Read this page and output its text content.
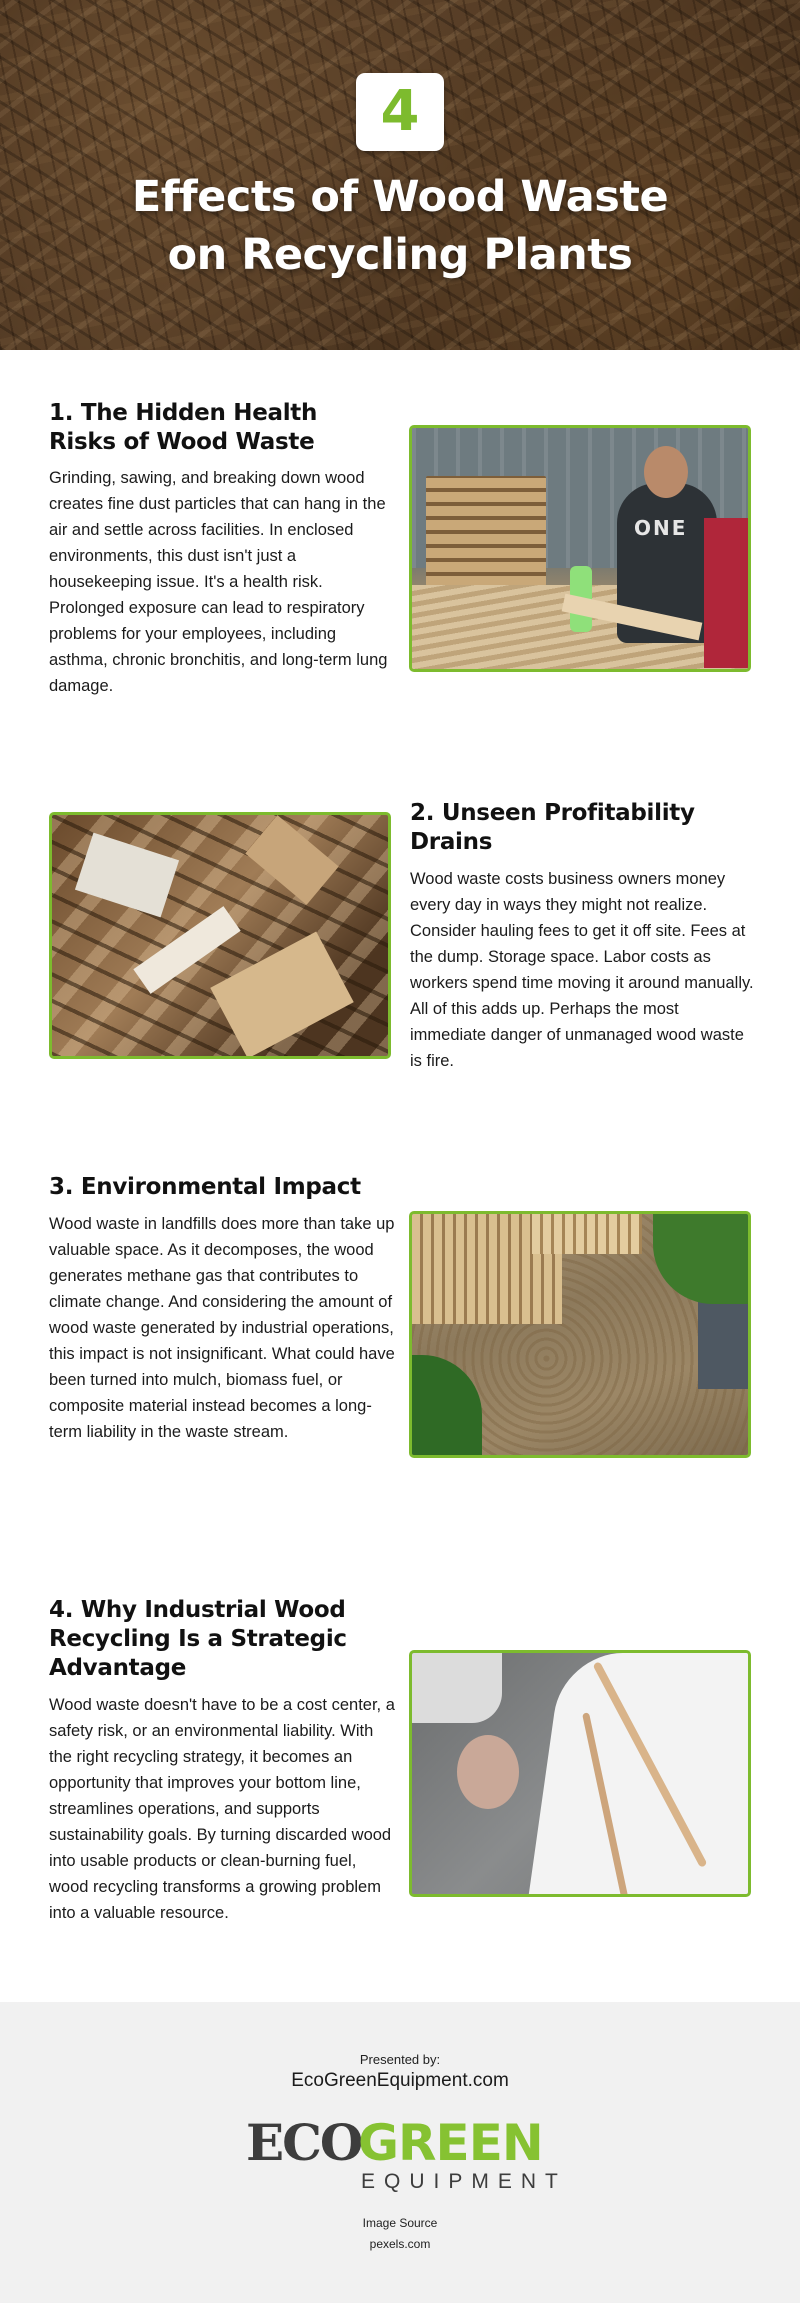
4
Effects of Wood Waste
on Recycling Plants
1. The Hidden Health Risks of Wood Waste
Grinding, sawing, and breaking down wood creates fine dust particles that can hang in the air and settle across facilities. In enclosed environments, this dust isn't just a housekeeping issue. It's a health risk. Prolonged exposure can lead to respiratory problems for your employees, including asthma, chronic bronchitis, and long-term lung damage.
ONE
2. Unseen Profitability Drains
Wood waste costs business owners money every day in ways they might not realize. Consider hauling fees to get it off site. Fees at the dump. Storage space. Labor costs as workers spend time moving it around manually. All of this adds up. Perhaps the most immediate danger of unmanaged wood waste is fire.
3. Environmental Impact
Wood waste in landfills does more than take up valuable space. As it decomposes, the wood generates methane gas that contributes to climate change. And considering the amount of wood waste generated by industrial operations, this impact is not insignificant. What could have been turned into mulch, biomass fuel, or composite material instead becomes a long-term liability in the waste stream.
4. Why Industrial Wood Recycling Is a Strategic Advantage
Wood waste doesn't have to be a cost center, a safety risk, or an environmental liability. With the right recycling strategy, it becomes an opportunity that improves your bottom line, streamlines operations, and supports sustainability goals. By turning discarded wood into usable products or clean-burning fuel, wood recycling transforms a growing problem into a valuable resource.
Presented by:
EcoGreenEquipment.com
ECO
GREEN
EQUIPMENT
Image Source
pexels.com
